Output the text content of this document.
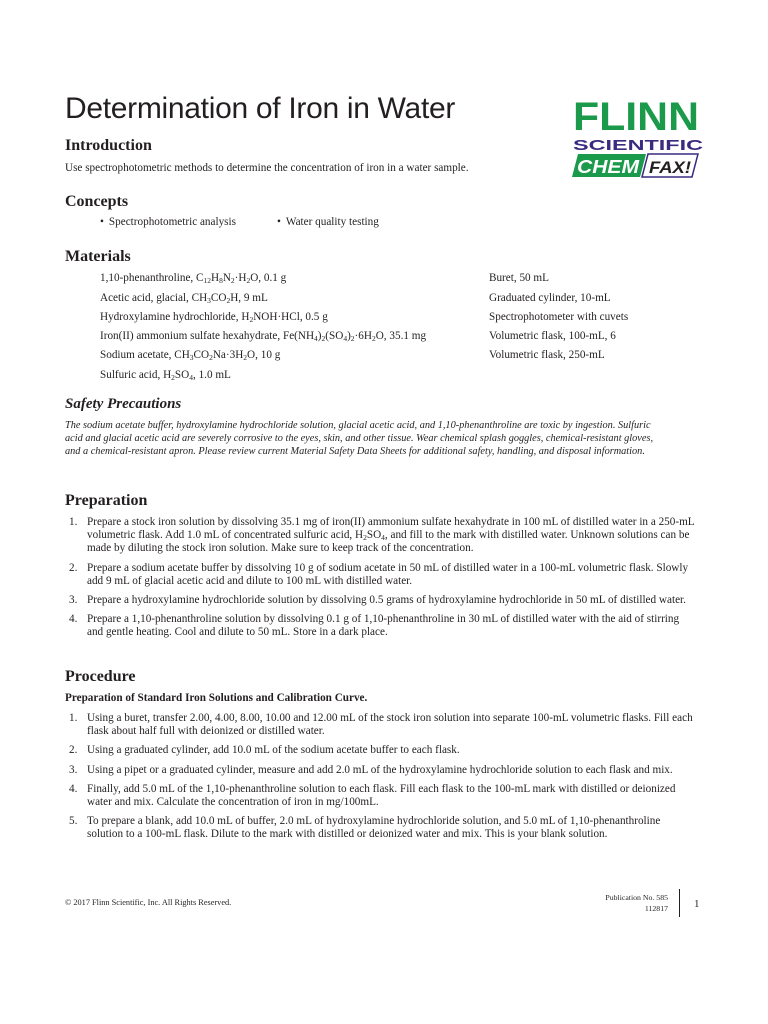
Determination of Iron in Water	FLINN
SCIENTIFIC
CHEM FAX!
Introduction
Use spectrophotometric methods to determine the concentration of iron in a water sample.
Concepts
• Spectrophotometric analysis	• Water quality testing
Materials
1,10-phenanthroline, $C_{12}H_8N_2\cdot H_2O$, 0.1 g
Acetic acid, glacial, $CH_3CO_2H$, 9 mL
Hydroxylamine hydrochloride, $H_2NOH\cdot HCl$, 0.5 g
Iron(II) ammonium sulfate hexahydrate, $Fe(NH_4)_2(SO_4)_2\cdot 6H_2O$, 35.1 mg
Sodium acetate, $CH_3CO_2Na\cdot 3H_2O$, 10 g
Sulfuric acid, $H_2SO_4$, 1.0 mL
Buret, 50 mL
Graduated cylinder, 10-mL
Spectrophotometer with cuvets
Volumetric flask, 100-mL, 6
Volumetric flask, 250-mL
Safety Precautions
The sodium acetate buffer, hydroxylamine hydrochloride solution, glacial acetic acid, and 1,10-phenanthroline are toxic by ingestion. Sulfuric acid and glacial acetic acid are severely corrosive to the eyes, skin, and other tissue. Wear chemical splash goggles, chemical-resistant gloves, and a chemical-resistant apron. Please review current Material Safety Data Sheets for additional safety, handling, and disposal information.
Preparation
1. Prepare a stock iron solution by dissolving 35.1 mg of iron(II) ammonium sulfate hexahydrate in 100 mL of distilled water in a 250-mL volumetric flask. Add 1.0 mL of concentrated sulfuric acid, $H_2SO_4$, and fill to the mark with distilled water. Unknown solutions can be made by diluting the stock iron solution. Make sure to keep track of the concentration.
2. Prepare a sodium acetate buffer by dissolving 10 g of sodium acetate in 50 mL of distilled water in a 100-mL volumetric flask. Slowly add 9 mL of glacial acetic acid and dilute to 100 mL with distilled water.
3. Prepare a hydroxylamine hydrochloride solution by dissolving 0.5 grams of hydroxylamine hydrochloride in 50 mL of distilled water.
4. Prepare a 1,10-phenanthroline solution by dissolving 0.1 g of 1,10-phenanthroline in 30 mL of distilled water with the aid of stirring and gentle heating. Cool and dilute to 50 mL. Store in a dark place.
Procedure
Preparation of Standard Iron Solutions and Calibration Curve.
1. Using a buret, transfer 2.00, 4.00, 8.00, 10.00 and 12.00 mL of the stock iron solution into separate 100-mL volumetric flasks. Fill each flask about half full with deionized or distilled water.
2. Using a graduated cylinder, add 10.0 mL of the sodium acetate buffer to each flask.
3. Using a pipet or a graduated cylinder, measure and add 2.0 mL of the hydroxylamine hydrochloride solution to each flask and mix.
4. Finally, add 5.0 mL of the 1,10-phenanthroline solution to each flask. Fill each flask to the 100-mL mark with distilled or deionized water and mix. Calculate the concentration of iron in mg/100mL.
5. To prepare a blank, add 10.0 mL of buffer, 2.0 mL of hydroxylamine hydrochloride solution, and 5.0 mL of 1,10-phenanthroline solution to a 100-mL flask. Dilute to the mark with distilled or deionized water and mix. This is your blank solution.
© 2017 Flinn Scientific, Inc. All Rights Reserved.
Publication No. 585
112817 1
